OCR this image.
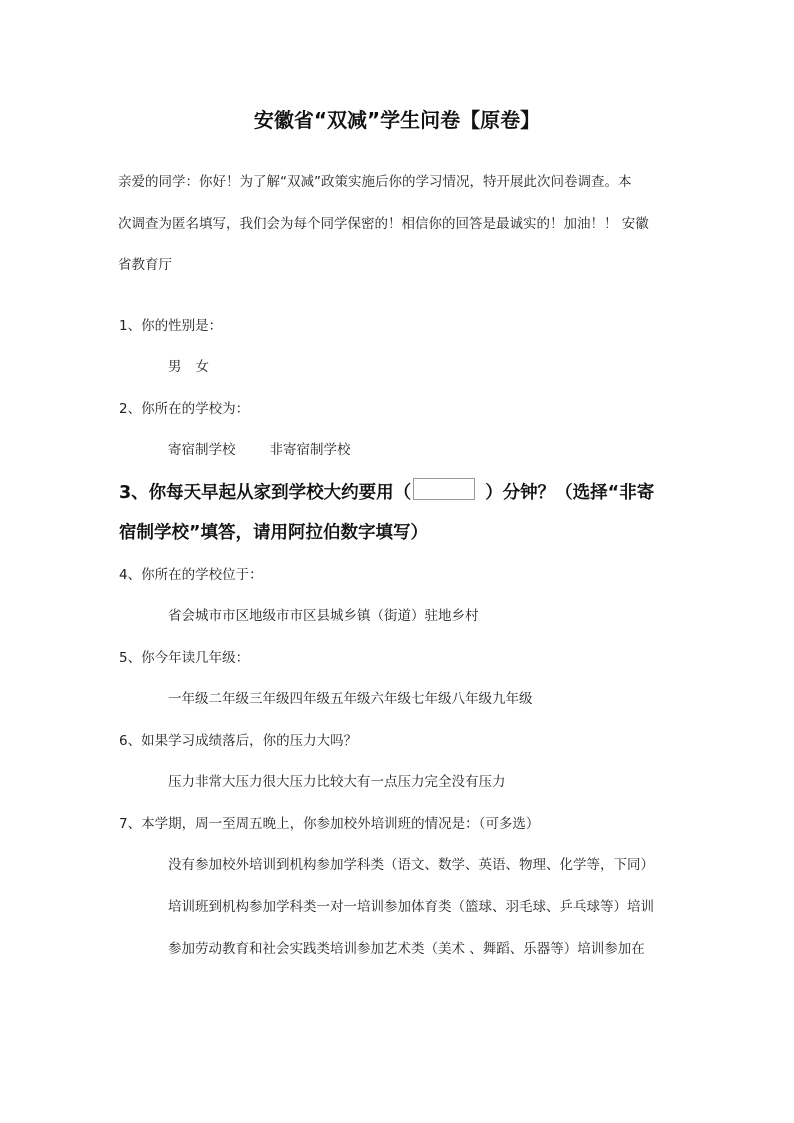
安徽省“双减”学生问卷【原卷】
亲爱的同学：你好！为了解“双减”政策实施后你的学习情况，特开展此次问卷调查。本
次调查为匿名填写，我们会为每个同学保密的！相信你的回答是最诚实的！加油！！ 安徽
省教育厅
1、你的性别是：
男 女
2、你所在的学校为：
寄宿制学校	非寄宿制学校
3、你每天早起从家到学校大约要用（	）分钟？（选择“非寄
宿制学校”填答，请用阿拉伯数字填写）
4、你所在的学校位于：
省会城市市区地级市市区县城乡镇（街道）驻地乡村
5、你今年读几年级：
一年级二年级三年级四年级五年级六年级七年级八年级九年级
6、如果学习成绩落后，你的压力大吗？
压力非常大压力很大压力比较大有一点压力完全没有压力
7、本学期，周一至周五晚上，你参加校外培训班的情况是：（可多选）
没有参加校外培训到机构参加学科类（语文、数学、英语、物理、化学等，下同）
培训班到机构参加学科类一对一培训参加体育类（篮球、羽毛球、乒乓球等）培训
参加劳动教育和社会实践类培训参加艺术类（美术 、舞蹈、乐器等）培训参加在
